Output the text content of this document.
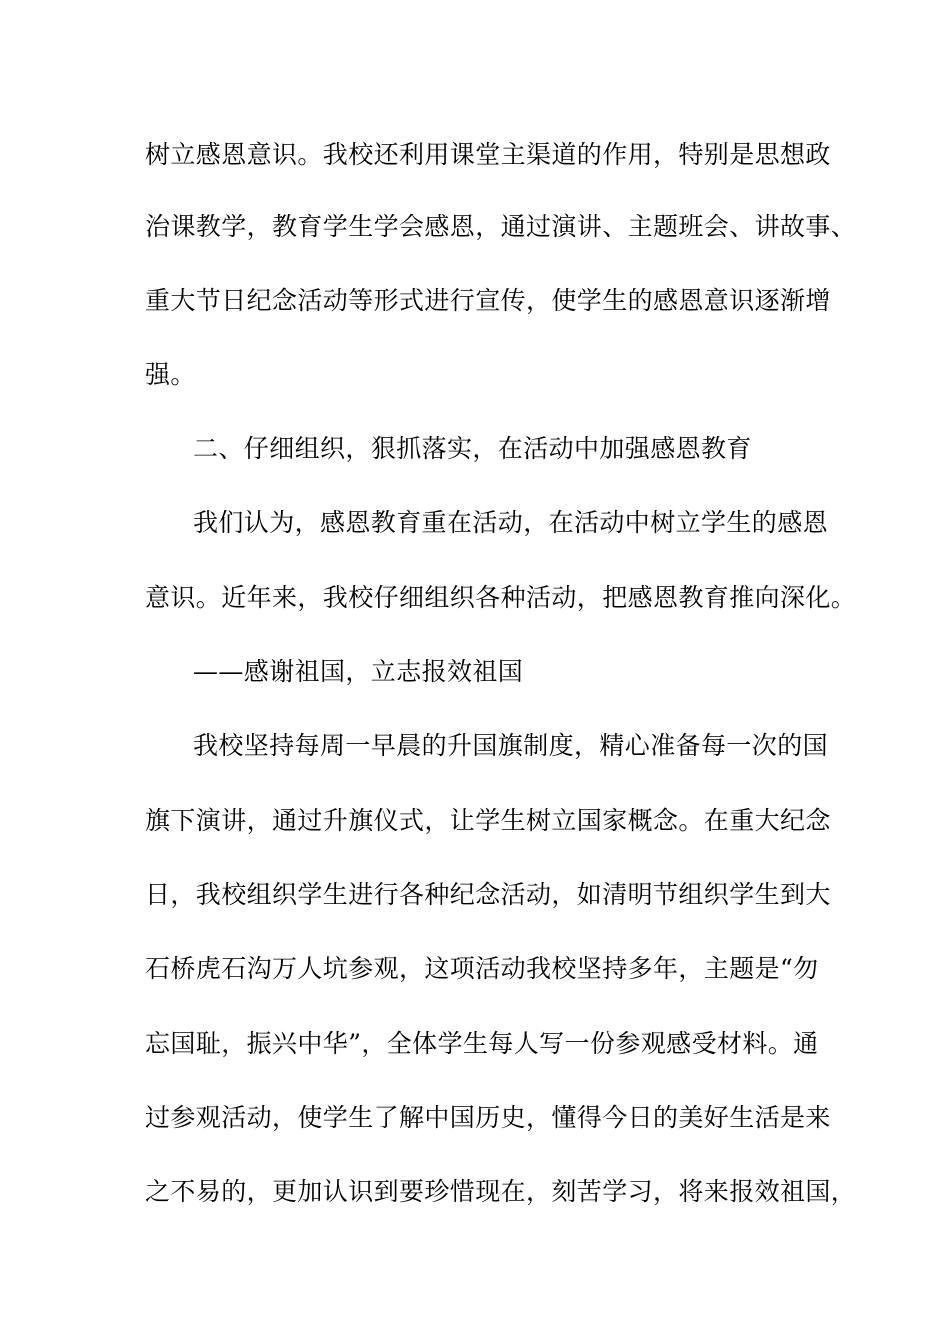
树立感恩意识。我校还利用课堂主渠道的作用，特别是思想政
治课教学，教育学生学会感恩，通过演讲、主题班会、讲故事、
重大节日纪念活动等形式进行宣传，使学生的感恩意识逐渐增
强。
二、仔细组织，狠抓落实，在活动中加强感恩教育
我们认为，感恩教育重在活动，在活动中树立学生的感恩
意识。近年来，我校仔细组织各种活动，把感恩教育推向深化。
——感谢祖国，立志报效祖国
我校坚持每周一早晨的升国旗制度，精心准备每一次的国
旗下演讲，通过升旗仪式，让学生树立国家概念。在重大纪念
日，我校组织学生进行各种纪念活动，如清明节组织学生到大
石桥虎石沟万人坑参观，这项活动我校坚持多年，主题是“勿
忘国耻，振兴中华”，全体学生每人写一份参观感受材料。通
过参观活动，使学生了解中国历史，懂得今日的美好生活是来
之不易的，更加认识到要珍惜现在，刻苦学习，将来报效祖国，
